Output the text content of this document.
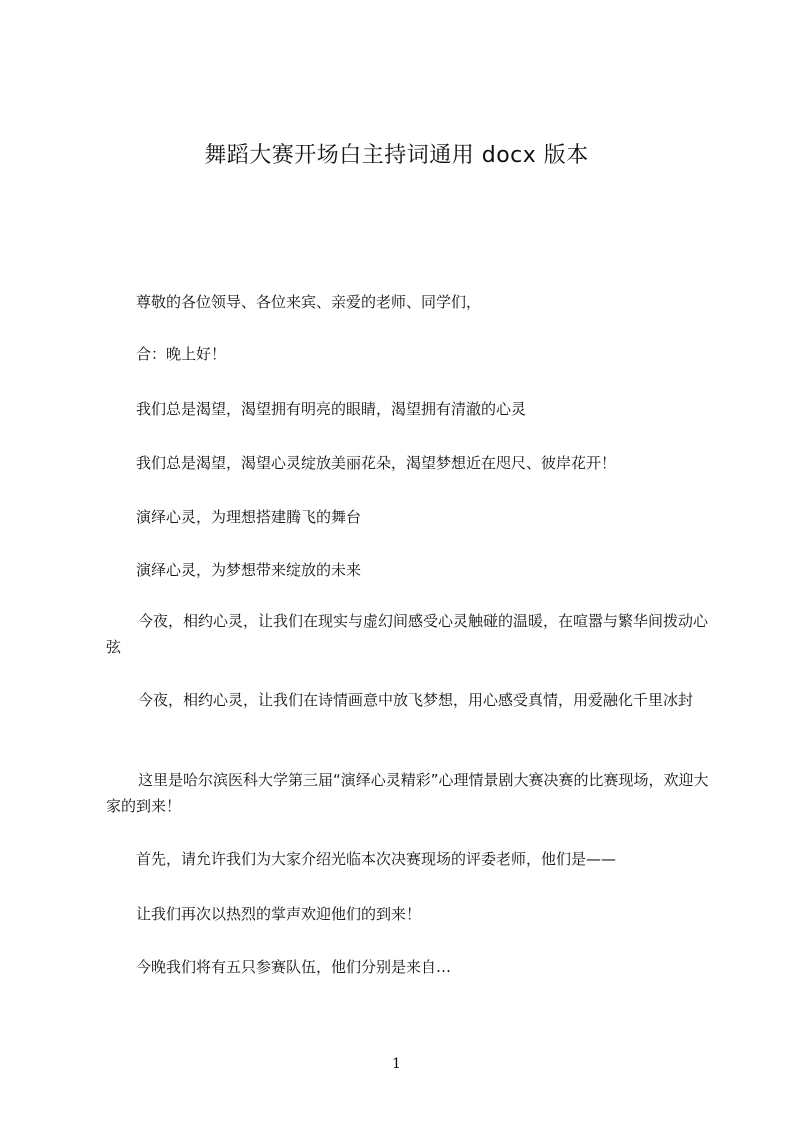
舞蹈大赛开场白主持词通用 docx 版本

尊敬的各位领导、各位来宾、亲爱的老师、同学们，

合：晚上好！

我们总是渴望，渴望拥有明亮的眼睛，渴望拥有清澈的心灵

我们总是渴望，渴望心灵绽放美丽花朵，渴望梦想近在咫尺、彼岸花开！

演绎心灵，为理想搭建腾飞的舞台

演绎心灵，为梦想带来绽放的未来

今夜，相约心灵，让我们在现实与虚幻间感受心灵触碰的温暖，在喧嚣与繁华间拨动心弦

今夜，相约心灵，让我们在诗情画意中放飞梦想，用心感受真情，用爱融化千里冰封

这里是哈尔滨医科大学第三届“演绎心灵精彩”心理情景剧大赛决赛的比赛现场，欢迎大家的到来！

首先，请允许我们为大家介绍光临本次决赛现场的评委老师，他们是——

让我们再次以热烈的掌声欢迎他们的到来！

今晚我们将有五只参赛队伍，他们分别是来自…

1
